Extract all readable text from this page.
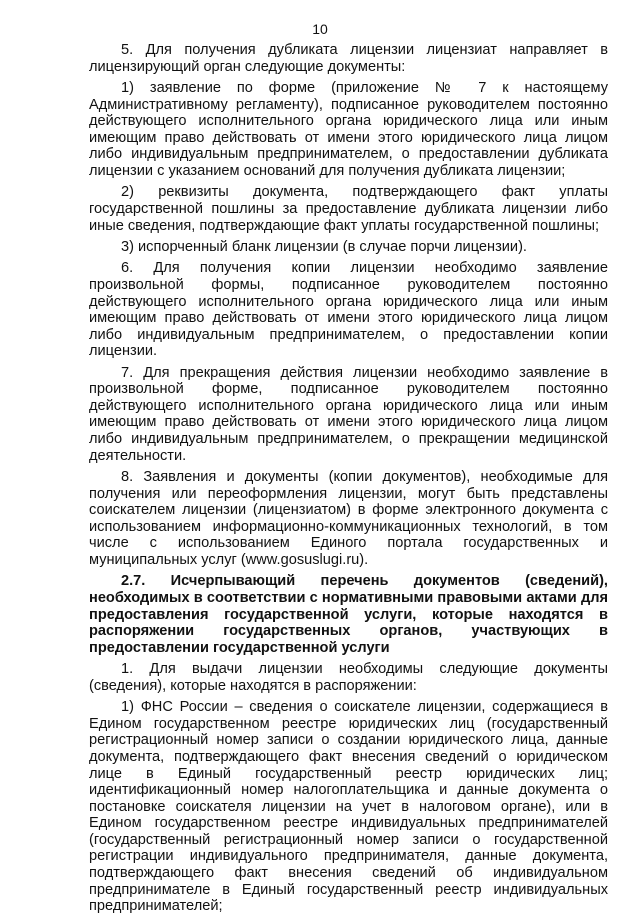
10

5. Для получения дубликата лицензии лицензиат направляет в лицензирующий орган следующие документы:

1) заявление по форме (приложение № 7 к настоящему Административному регламенту), подписанное руководителем постоянно действующего исполнительного органа юридического лица или иным имеющим право действовать от имени этого юридического лица лицом либо индивидуальным предпринимателем, о предоставлении дубликата лицензии с указанием оснований для получения дубликата лицензии;

2) реквизиты документа, подтверждающего факт уплаты государственной пошлины за предоставление дубликата лицензии либо иные сведения, подтверждающие факт уплаты государственной пошлины;

3) испорченный бланк лицензии (в случае порчи лицензии).

6. Для получения копии лицензии необходимо заявление произвольной формы, подписанное руководителем постоянно действующего исполнительного органа юридического лица или иным имеющим право действовать от имени этого юридического лица лицом либо индивидуальным предпринимателем, о предоставлении копии лицензии.

7. Для прекращения действия лицензии необходимо заявление в произвольной форме, подписанное руководителем постоянно действующего исполнительного органа юридического лица или иным имеющим право действовать от имени этого юридического лица лицом либо индивидуальным предпринимателем, о прекращении медицинской деятельности.

8. Заявления и документы (копии документов), необходимые для получения или переоформления лицензии, могут быть представлены соискателем лицензии (лицензиатом) в форме электронного документа с использованием информационно-коммуникационных технологий, в том числе с использованием Единого портала государственных и муниципальных услуг (www.gosuslugi.ru).

2.7. Исчерпывающий перечень документов (сведений), необходимых в соответствии с нормативными правовыми актами для предоставления государственной услуги, которые находятся в распоряжении государственных органов, участвующих в предоставлении государственной услуги

1. Для выдачи лицензии необходимы следующие документы (сведения), которые находятся в распоряжении:

1) ФНС России – сведения о соискателе лицензии, содержащиеся в Едином государственном реестре юридических лиц (государственный регистрационный номер записи о создании юридического лица, данные документа, подтверждающего факт внесения сведений о юридическом лице в Единый государственный реестр юридических лиц; идентификационный номер налогоплательщика и данные документа о постановке соискателя лицензии на учет в налоговом органе), или в Едином государственном реестре индивидуальных предпринимателей (государственный регистрационный номер записи о государственной регистрации индивидуального предпринимателя, данные документа, подтверждающего факт внесения сведений об индивидуальном предпринимателе в Единый государственный реестр индивидуальных предпринимателей;
